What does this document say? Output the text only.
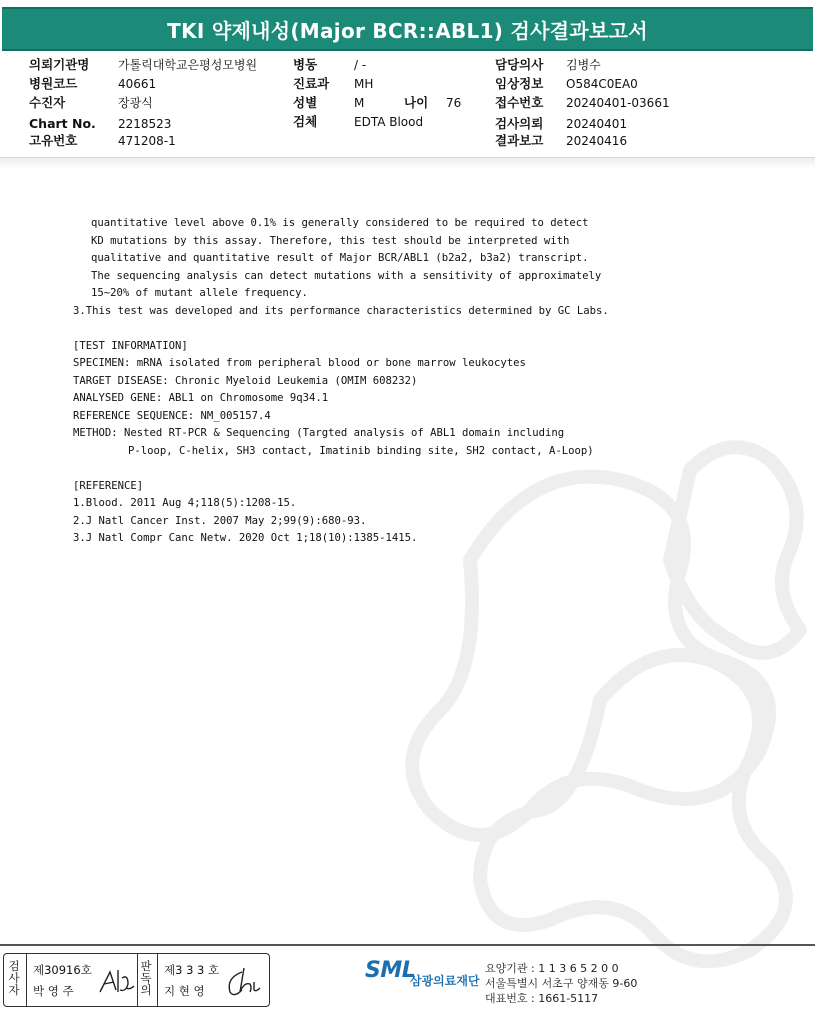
TKI 약제내성(Major BCR::ABL1) 검사결과보고서
의뢰기관명 가톨릭대학교은평성모병원
병원코드	40661
수진자	장광식
Chart No. 2218523
고유번호	471208-1
병동	/ -
진료과 MH
성별	M	나이 76
검체	EDTA Blood
담당의사 김병수
임상정보 O584C0EA0
접수번호 20240401-03661
검사의뢰 20240401
결과보고 20240416
quantitative level above 0.1% is generally considered to be required to detect
KD mutations by this assay. Therefore, this test should be interpreted with
qualitative and quantitative result of Major BCR/ABL1 (b2a2, b3a2) transcript.
The sequencing analysis can detect mutations with a sensitivity of approximately
15~20% of mutant allele frequency.
3.This test was developed and its performance characteristics determined by GC Labs.
[TEST INFORMATION]
SPECIMEN: mRNA isolated from peripheral blood or bone marrow leukocytes
TARGET DISEASE: Chronic Myeloid Leukemia (OMIM 608232)
ANALYSED GENE: ABL1 on Chromosome 9q34.1
REFERENCE SEQUENCE: NM_005157.4
METHOD: Nested RT-PCR & Sequencing (Targted analysis of ABL1 domain including
P-loop, C-helix, SH3 contact, Imatinib binding site, SH2 contact, A-Loop)
[REFERENCE]
1.Blood. 2011 Aug 4;118(5):1208-15.
2.J Natl Cancer Inst. 2007 May 2;99(9):680-93.
3.J Natl Compr Canc Netw. 2020 Oct 1;18(10):1385-1415.
검사자
제30916호
박 영 주
판독의
제3 3 3 호
지 현 영
SML
삼광의료재단
요양기관 : 1 1 3 6 5 2 0 0
서울특별시 서초구 양재동 9-60
대표번호 : 1661-5117
